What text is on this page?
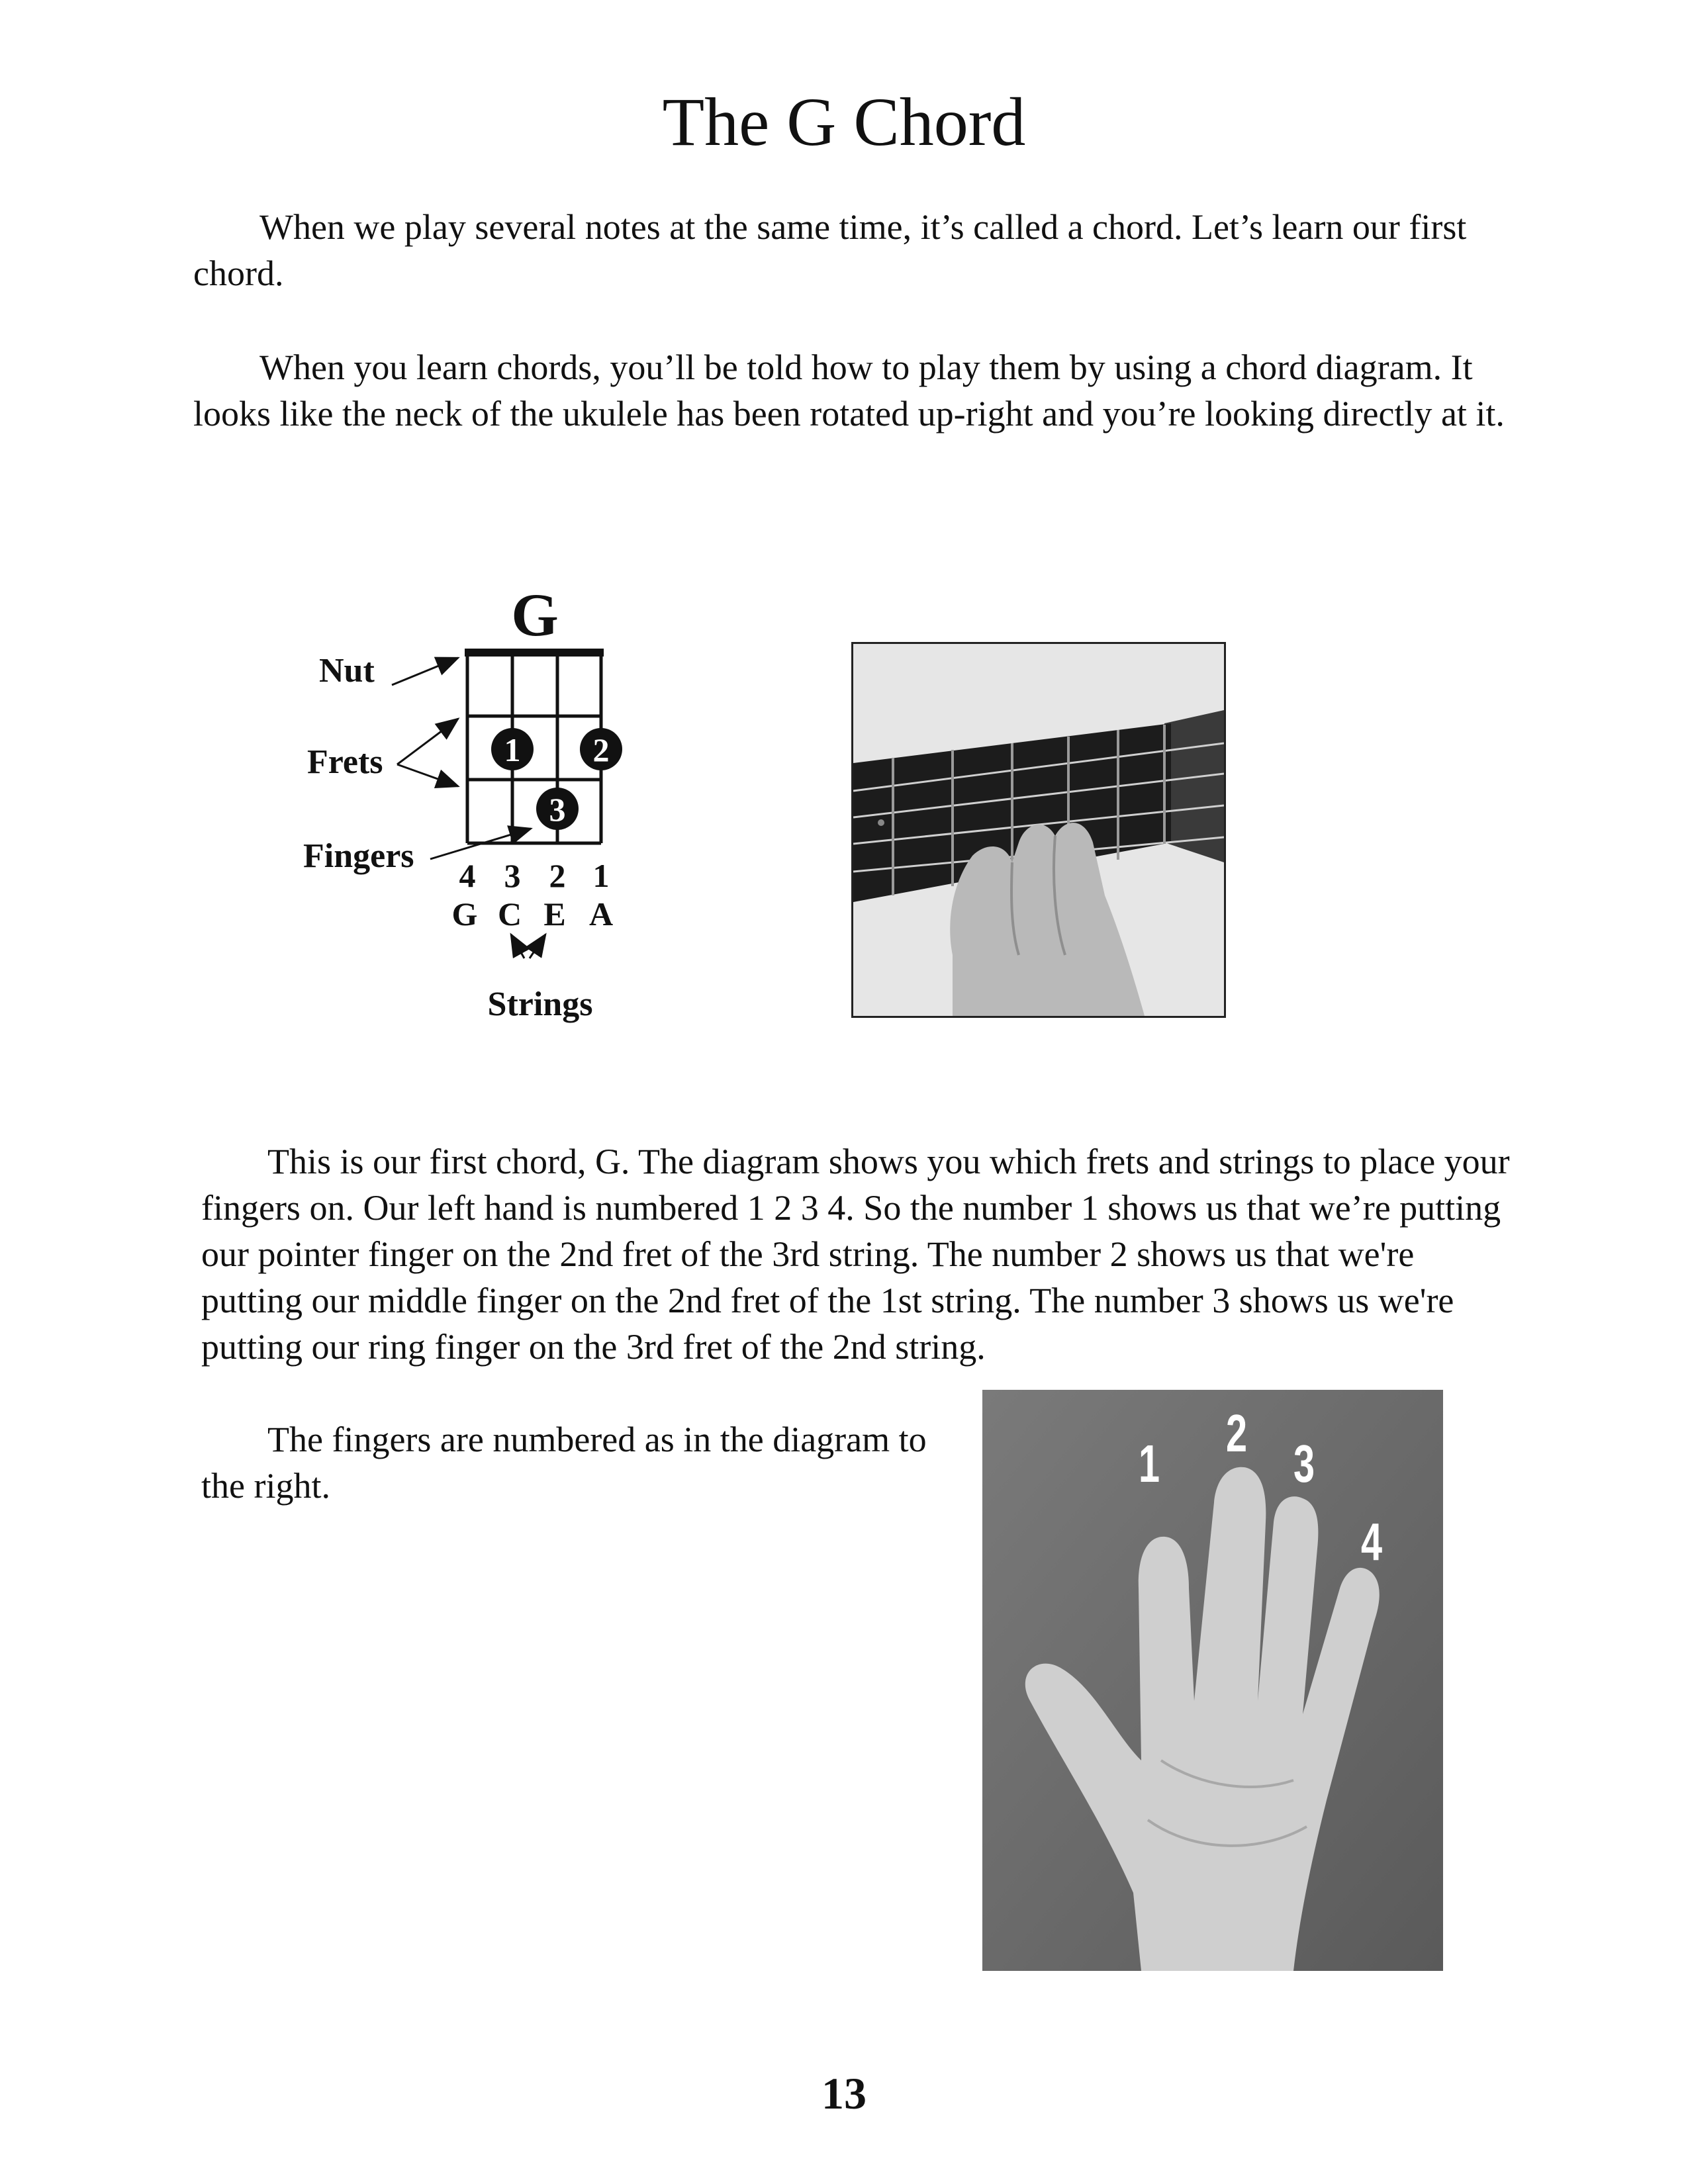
The G Chord

When we play several notes at the same time, it’s called a chord. Let’s learn our first chord.

When you learn chords, you’ll be told how to play them by using a chord diagram. It looks like the neck of the ukulele has been rotated up-right and you’re looking directly at it.

G
1 2
3
Nut
Frets
Fingers
4 3 2 1
G C E A
Strings

This is our first chord, G. The diagram shows you which frets and strings to place your fingers on. Our left hand is numbered 1 2 3 4. So the number 1 shows us that we’re putting our pointer finger on the 2nd fret of the 3rd string. The number 2 shows us that we're putting our middle finger on the 2nd fret of the 1st string. The number 3 shows us we're putting our ring finger on the 3rd fret of the 2nd string.

The fingers are numbered as in the diagram to the right.	1
2
3
4

13
